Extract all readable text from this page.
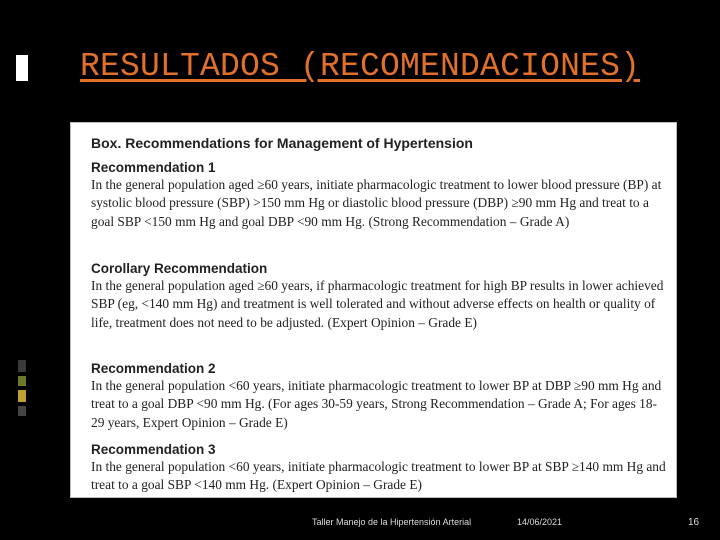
RESULTADOS (RECOMENDACIONES)
Box. Recommendations for Management of Hypertension
Recommendation 1
In the general population aged ≥60 years, initiate pharmacologic treatment to lower blood pressure (BP) at systolic blood pressure (SBP) >150 mm Hg or diastolic blood pressure (DBP) ≥90 mm Hg and treat to a goal SBP <150 mm Hg and goal DBP <90 mm Hg. (Strong Recommendation – Grade A)
Corollary Recommendation
In the general population aged ≥60 years, if pharmacologic treatment for high BP results in lower achieved SBP (eg, <140 mm Hg) and treatment is well tolerated and without adverse effects on health or quality of life, treatment does not need to be adjusted. (Expert Opinion – Grade E)
Recommendation 2
In the general population <60 years, initiate pharmacologic treatment to lower BP at DBP ≥90 mm Hg and treat to a goal DBP <90 mm Hg. (For ages 30-59 years, Strong Recommendation – Grade A; For ages 18-29 years, Expert Opinion – Grade E)
Recommendation 3
In the general population <60 years, initiate pharmacologic treatment to lower BP at SBP ≥140 mm Hg and treat to a goal SBP <140 mm Hg. (Expert Opinion – Grade E)
Taller Manejo de la Hipertensión Arterial	14/06/2021	16
